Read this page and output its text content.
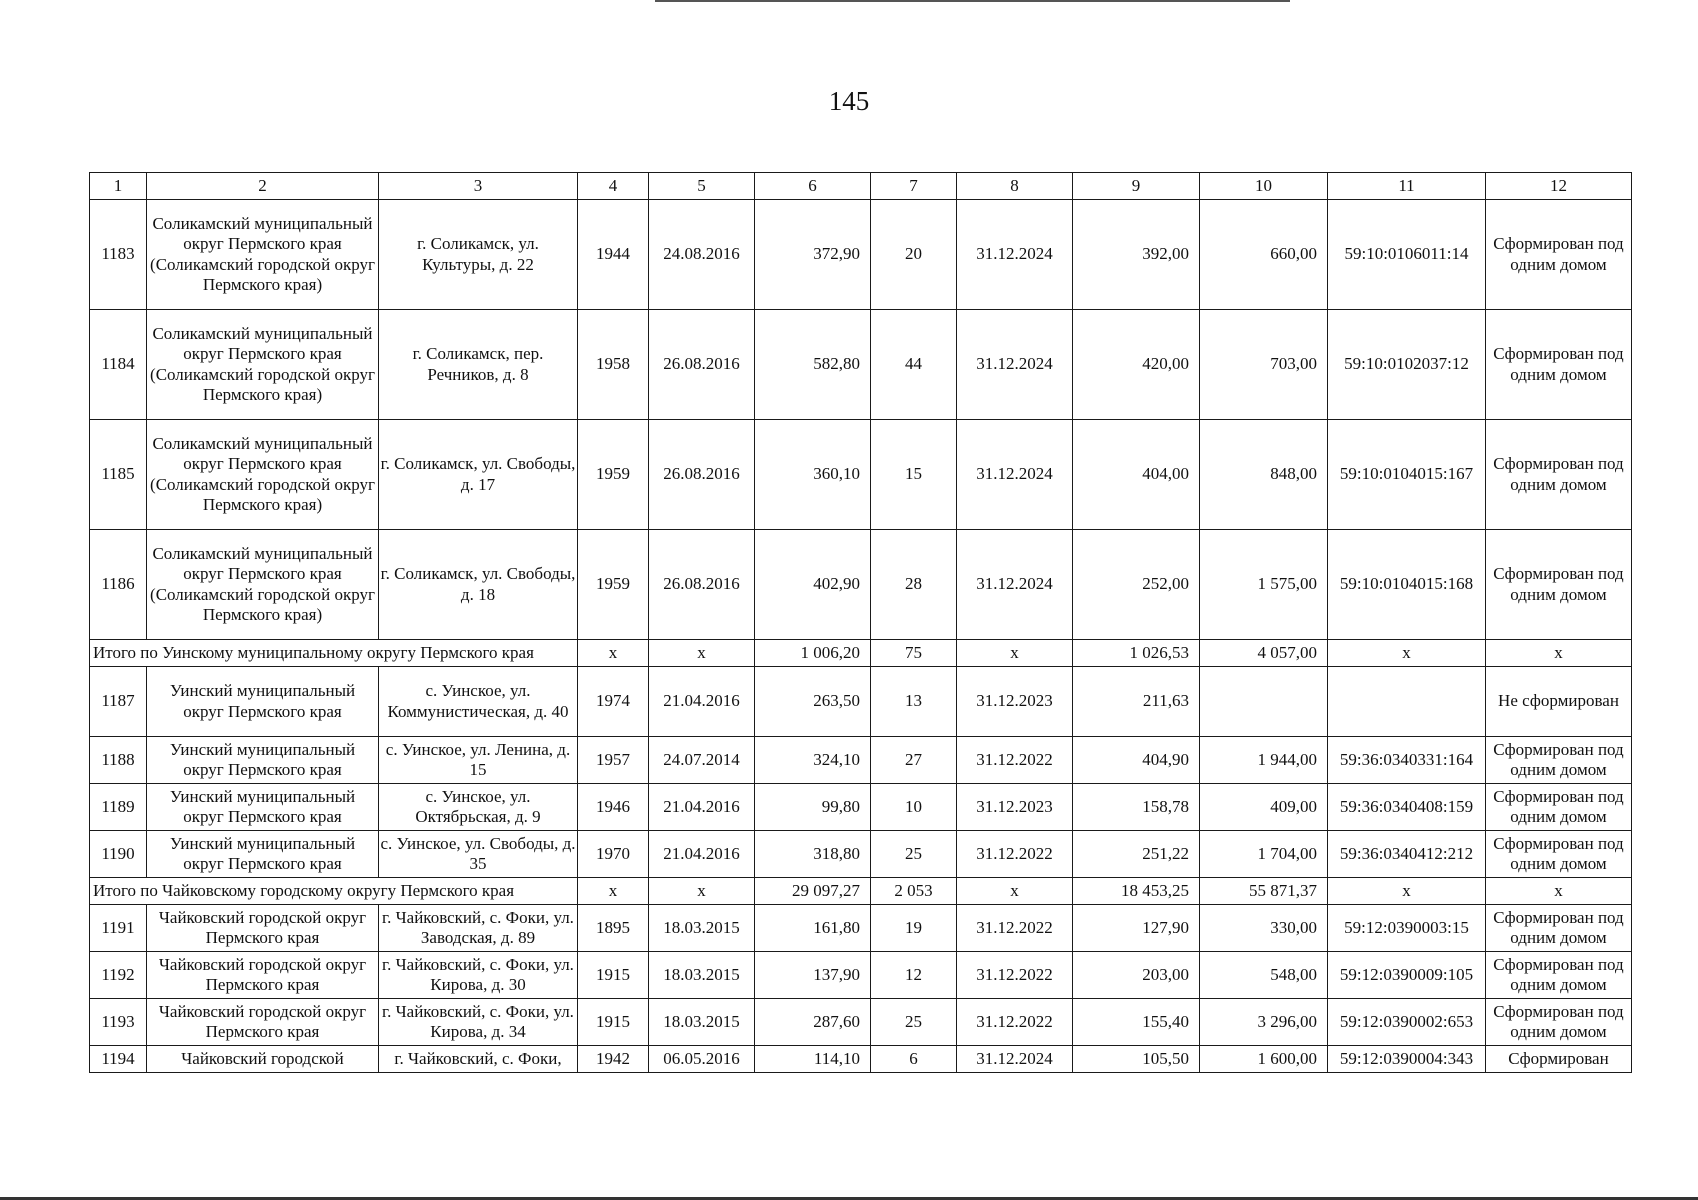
145
1	2	3	4	5	6	7	8	9	10	11	12
1183	Соликамский муниципальный округ Пермского края (Соликамский городской округ Пермского края)	г. Соликамск, ул. Культуры, д. 22	1944	24.08.2016	372,90	20	31.12.2024	392,00	660,00	59:10:0106011:14	Сформирован под одним домом
1184	Соликамский муниципальный округ Пермского края (Соликамский городской округ Пермского края)	г. Соликамск, пер. Речников, д. 8	1958	26.08.2016	582,80	44	31.12.2024	420,00	703,00	59:10:0102037:12	Сформирован под одним домом
1185	Соликамский муниципальный округ Пермского края (Соликамский городской округ Пермского края)	г. Соликамск, ул. Свободы, д. 17	1959	26.08.2016	360,10	15	31.12.2024	404,00	848,00	59:10:0104015:167	Сформирован под одним домом
1186	Соликамский муниципальный округ Пермского края (Соликамский городской округ Пермского края)	г. Соликамск, ул. Свободы, д. 18	1959	26.08.2016	402,90	28	31.12.2024	252,00	1 575,00	59:10:0104015:168	Сформирован под одним домом
Итого по Уинскому муниципальному округу Пермского края			x	x	1 006,20	75	x	1 026,53	4 057,00	x	x
1187	Уинский муниципальный округ Пермского края	с. Уинское, ул. Коммунистическая, д. 40	1974	21.04.2016	263,50	13	31.12.2023	211,63			Не сформирован
1188	Уинский муниципальный округ Пермского края	с. Уинское, ул. Ленина, д. 15	1957	24.07.2014	324,10	27	31.12.2022	404,90	1 944,00	59:36:0340331:164	Сформирован под одним домом
1189	Уинский муниципальный округ Пермского края	с. Уинское, ул. Октябрьская, д. 9	1946	21.04.2016	99,80	10	31.12.2023	158,78	409,00	59:36:0340408:159	Сформирован под одним домом
1190	Уинский муниципальный округ Пермского края	с. Уинское, ул. Свободы, д. 35	1970	21.04.2016	318,80	25	31.12.2022	251,22	1 704,00	59:36:0340412:212	Сформирован под одним домом
Итого по Чайковскому городскому округу Пермского края			x	x	29 097,27	2 053	x	18 453,25	55 871,37	x	x
1191	Чайковский городской округ Пермского края	г. Чайковский, с. Фоки, ул. Заводская, д. 89	1895	18.03.2015	161,80	19	31.12.2022	127,90	330,00	59:12:0390003:15	Сформирован под одним домом
1192	Чайковский городской округ Пермского края	г. Чайковский, с. Фоки, ул. Кирова, д. 30	1915	18.03.2015	137,90	12	31.12.2022	203,00	548,00	59:12:0390009:105	Сформирован под одним домом
1193	Чайковский городской округ Пермского края	г. Чайковский, с. Фоки, ул. Кирова, д. 34	1915	18.03.2015	287,60	25	31.12.2022	155,40	3 296,00	59:12:0390002:653	Сформирован под одним домом
1194	Чайковский городской	г. Чайковский, с. Фоки,	1942	06.05.2016	114,10	6	31.12.2024	105,50	1 600,00	59:12:0390004:343	Сформирован
